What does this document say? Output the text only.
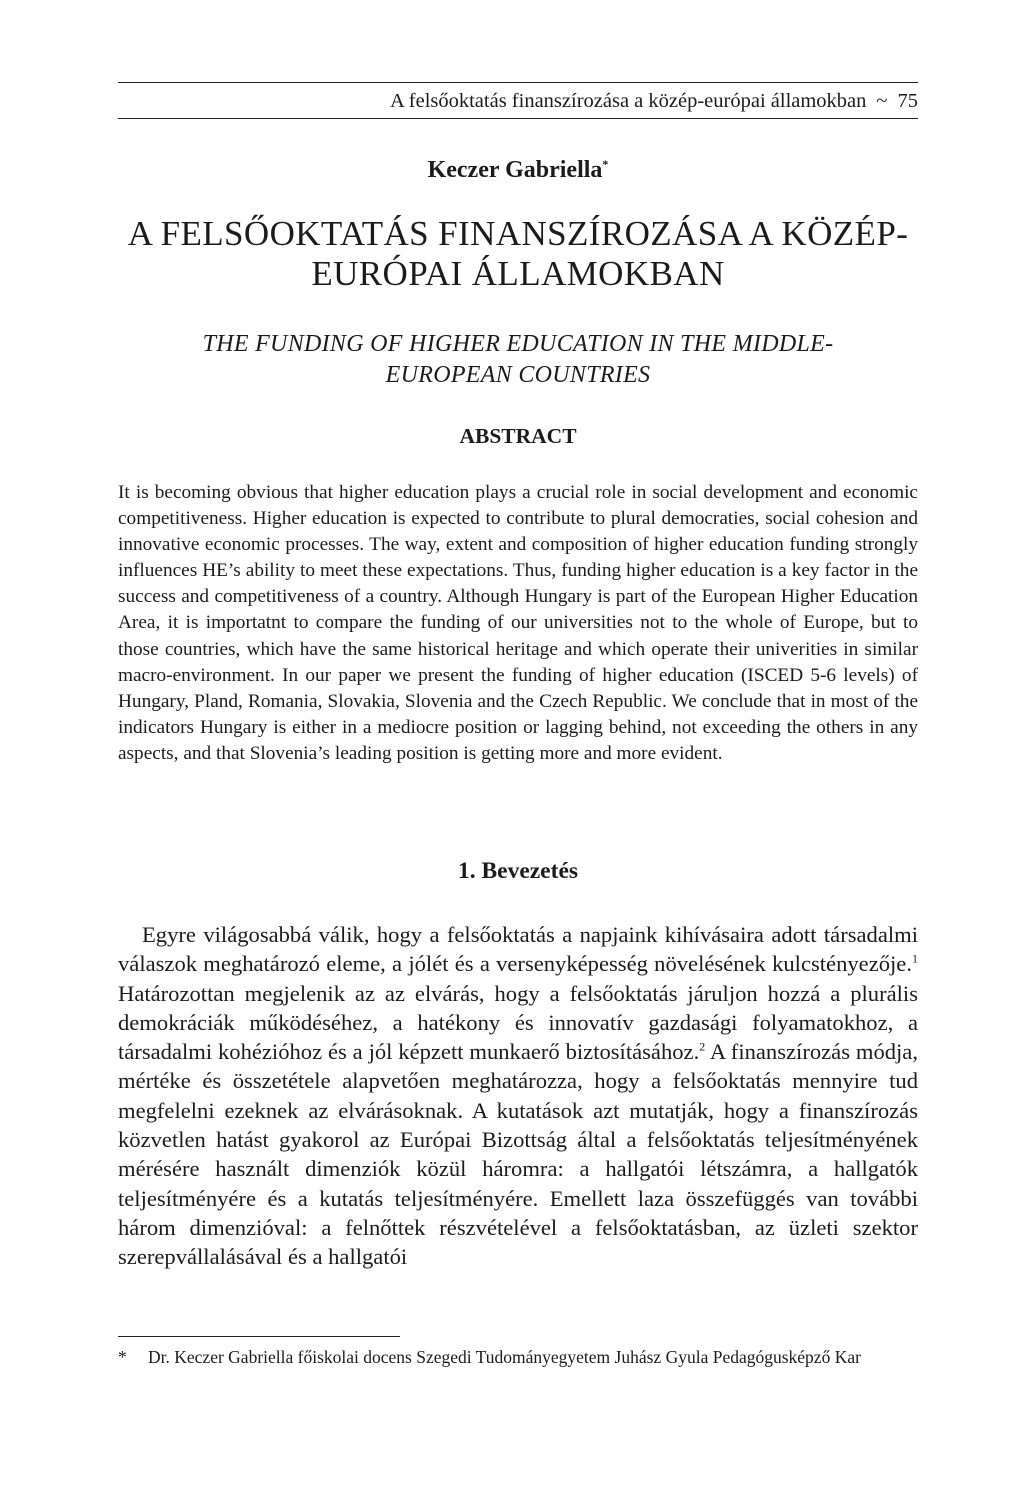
A felsőoktatás finanszírozása a közép-európai államokban ~ 75
Keczer Gabriella*
A FELSŐOKTATÁS FINANSZÍROZÁSA A KÖZÉP-
EURÓPAI ÁLLAMOKBAN
THE FUNDING OF HIGHER EDUCATION IN THE MIDDLE-
EUROPEAN COUNTRIES
ABSTRACT

It is becoming obvious that higher education plays a crucial role in social development and economic competitiveness. Higher education is expected to contribute to plural democraties, social cohesion and innovative economic processes. The way, extent and composition of higher education funding strongly influences HE’s ability to meet these expectations. Thus, funding higher education is a key factor in the success and competitiveness of a country. Although Hungary is part of the European Higher Education Area, it is importatnt to compare the funding of our universities not to the whole of Europe, but to those countries, which have the same historical heritage and which operate their univerities in similar macro-environment. In our paper we present the funding of higher education (ISCED 5-6 levels) of Hungary, Pland, Romania, Slovakia, Slovenia and the Czech Republic. We conclude that in most of the indicators Hungary is either in a mediocre position or lagging behind, not exceeding the others in any aspects, and that Slovenia’s leading position is getting more and more evident.

1. Bevezetés

Egyre világosabbá válik, hogy a felsőoktatás a napjaink kihívásaira adott társadalmi válaszok meghatározó eleme, a jólét és a versenyképesség növelésének kulcstényezője.$^1$ Határozottan megjelenik az az elvárás, hogy a felsőoktatás járuljon hozzá a plurális demokráciák működéséhez, a hatékony és innovatív gazdasági folyamatokhoz, a társadalmi kohézióhoz és a jól képzett munkaerő biztosításához.$^2$ A finanszírozás módja, mértéke és összetétele alapvetően meghatározza, hogy a felsőoktatás mennyire tud megfelelni ezeknek az elvárásoknak. A kutatások azt mutatják, hogy a finanszírozás közvetlen hatást gyakorol az Európai Bizottság által a felsőoktatás teljesítményének mérésére használt dimenziók közül háromra: a hallgatói létszámra, a hallgatók teljesítményére és a kutatás teljesítményére. Emellett laza összefüggés van további három dimenzióval: a felnőttek részvételével a felsőoktatásban, az üzleti szektor szerepvállalásával és a hallgatói

* Dr. Keczer Gabriella főiskolai docens Szegedi Tudományegyetem Juhász Gyula Pedagógusképző Kar
